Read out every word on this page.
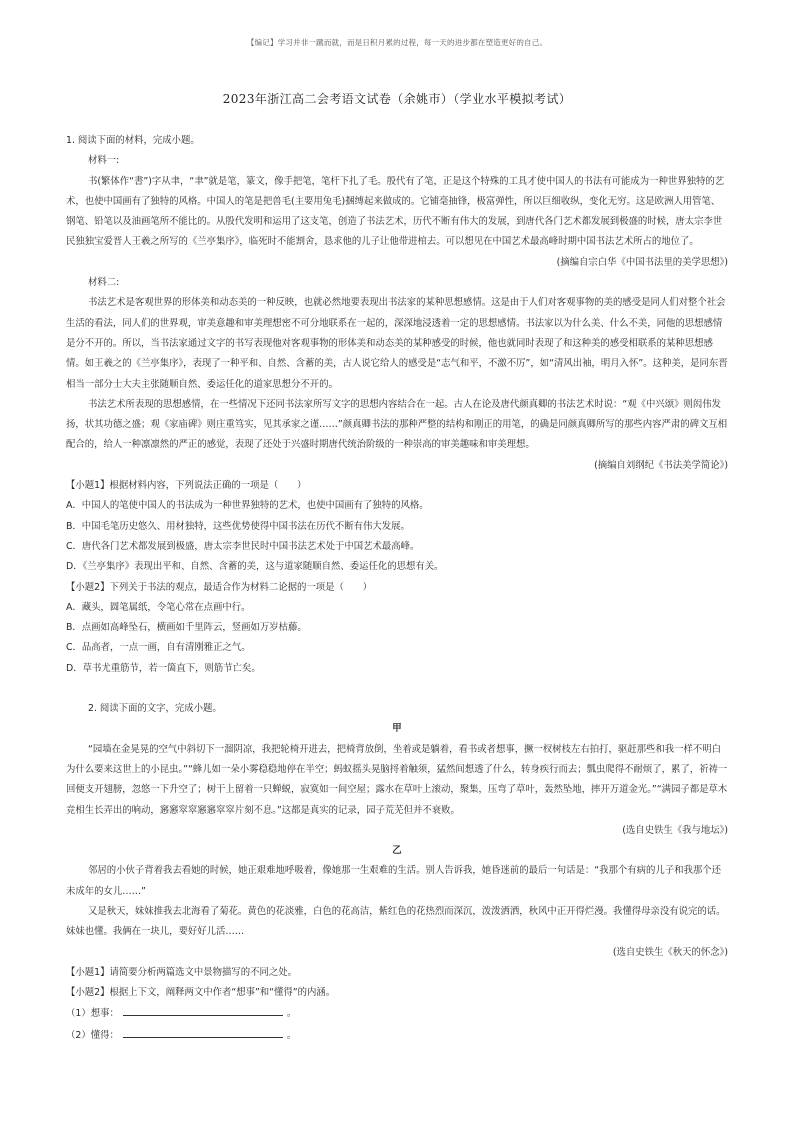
【编记】学习并非一蹴而就，而是日积月累的过程，每一天的进步都在塑造更好的自己。
2023年浙江高二会考语文试卷（余姚市）（学业水平模拟考试）

1. 阅读下面的材料，完成小题。

材料一:

书(繁体作“書”)字从聿，“聿”就是笔，篆文，像手把笔，笔杆下扎了毛。殷代有了笔，正是这个特殊的工具才使中国人的书法有可能成为一种世界独特的艺术，也使中国画有了独特的风格。中国人的笔是把兽毛(主要用兔毛)捆缚起来做成的。它铺毫抽锋，极富弹性，所以巨细收纵，变化无穷。这是欧洲人用管笔、钢笔、铅笔以及油画笔所不能比的。从殷代发明和运用了这支笔，创造了书法艺术，历代不断有伟大的发展，到唐代各门艺术都发展到极盛的时候，唐太宗李世民独独宝爱晋人王羲之所写的《兰亭集序》，临死时不能割舍，恳求他的儿子让他带进棺去。可以想见在中国艺术最高峰时期中国书法艺术所占的地位了。

(摘编自宗白华《中国书法里的美学思想》)

材料二:

书法艺术是客观世界的形体美和动态美的一种反映，也就必然地要表现出书法家的某种思想感情。这是由于人们对客观事物的美的感受是同人们对整个社会生活的看法，同人们的世界观，审美意趣和审美理想密不可分地联系在一起的，深深地浸透着一定的思想感情。书法家以为什么美、什么不美，同他的思想感情是分不开的。所以，当书法家通过文字的书写表现他对客观事物的形体美和动态美的某种感受的时候，他也就同时表现了和这种美的感受相联系的某种思想感情。如王羲之的《兰亭集序》，表现了一种平和、自然、含蓄的美，古人说它给人的感受是“志气和平，不激不厉”，如“清风出袖，明月入怀”。这种美，是同东晋相当一部分士大夫主张随顺自然、委运任化的道家思想分不开的。

书法艺术所表现的思想感情，在一些情况下还同书法家所写文字的思想内容结合在一起。古人在论及唐代颜真卿的书法艺术时说：“观《中兴颂》则闳伟发扬，状其功德之盛；观《家庙碑》则庄重笃实，见其承家之谨……”颜真卿书法的那种严整的结构和刚正的用笔，的确是同颜真卿所写的那些内容严肃的碑文互相配合的，给人一种凛凛然的严正的感觉，表现了还处于兴盛时期唐代统治阶级的一种崇高的审美趣味和审美理想。

(摘编自刘纲纪《书法美学简论》)

【小题1】根据材料内容，下列说法正确的一项是（　　）

A．中国人的笔使中国人的书法成为一种世界独特的艺术，也使中国画有了独特的风格。

B．中国毛笔历史悠久、用材独特，这些优势使得中国书法在历代不断有伟大发展。

C．唐代各门艺术都发展到极盛，唐太宗李世民时中国书法艺术处于中国艺术最高峰。

D．《兰亭集序》表现出平和、自然、含蓄的美，这与道家随顺自然、委运任化的思想有关。

【小题2】下列关于书法的观点，最适合作为材料二论据的一项是（　　）

A．藏头，圆笔属纸，令笔心常在点画中行。

B．点画如高峰坠石，横画如千里阵云，竖画如万岁枯藤。

C．品高者，一点一画，自有清刚雅正之气。

D．草书尤重筋节，若一箇直下，则筋节亡矣。

2. 阅读下面的文字，完成小题。

甲

“园墙在金晃晃的空气中斜切下一溜阴凉，我把轮椅开进去，把椅背放倒，坐着或是躺着，看书或者想事，撅一杈树枝左右拍打，驱赶那些和我一样不明白为什么要来这世上的小昆虫。”“蜂儿如一朵小雾稳稳地停在半空；蚂蚁摇头晃脑捋着触须，猛然间想透了什么，转身疾行而去；瓢虫爬得不耐烦了，累了，祈祷一回便支开翅膀，忽悠一下升空了；树干上留着一只蝉蜕，寂寞如一间空屋；露水在草叶上滚动，聚集，压弯了草叶，轰然坠地，摔开万道金光。”“满园子都是草木竞相生长弄出的响动，窸窸窣窣窸窸窣窣片刻不息。”这都是真实的记录，园子荒芜但并不衰败。

(选自史铁生《我与地坛》)

乙

邻居的小伙子背着我去看她的时候，她正艰难地呼吸着，像她那一生艰难的生活。别人告诉我，她昏迷前的最后一句话是：“我那个有病的儿子和我那个还未成年的女儿……”

又是秋天，妹妹推我去北海看了菊花。黄色的花淡雅，白色的花高洁，紫红色的花热烈而深沉，泼泼洒洒，秋风中正开得烂漫。我懂得母亲没有说完的话。妹妹也懂。我俩在一块儿，要好好儿活……

(选自史铁生《秋天的怀念》)

【小题1】请简要分析两篇选文中景物描写的不同之处。

【小题2】根据上下文，阐释两文中作者“想事”和“懂得”的内涵。

（1）想事：	。

（2）懂得：	。
